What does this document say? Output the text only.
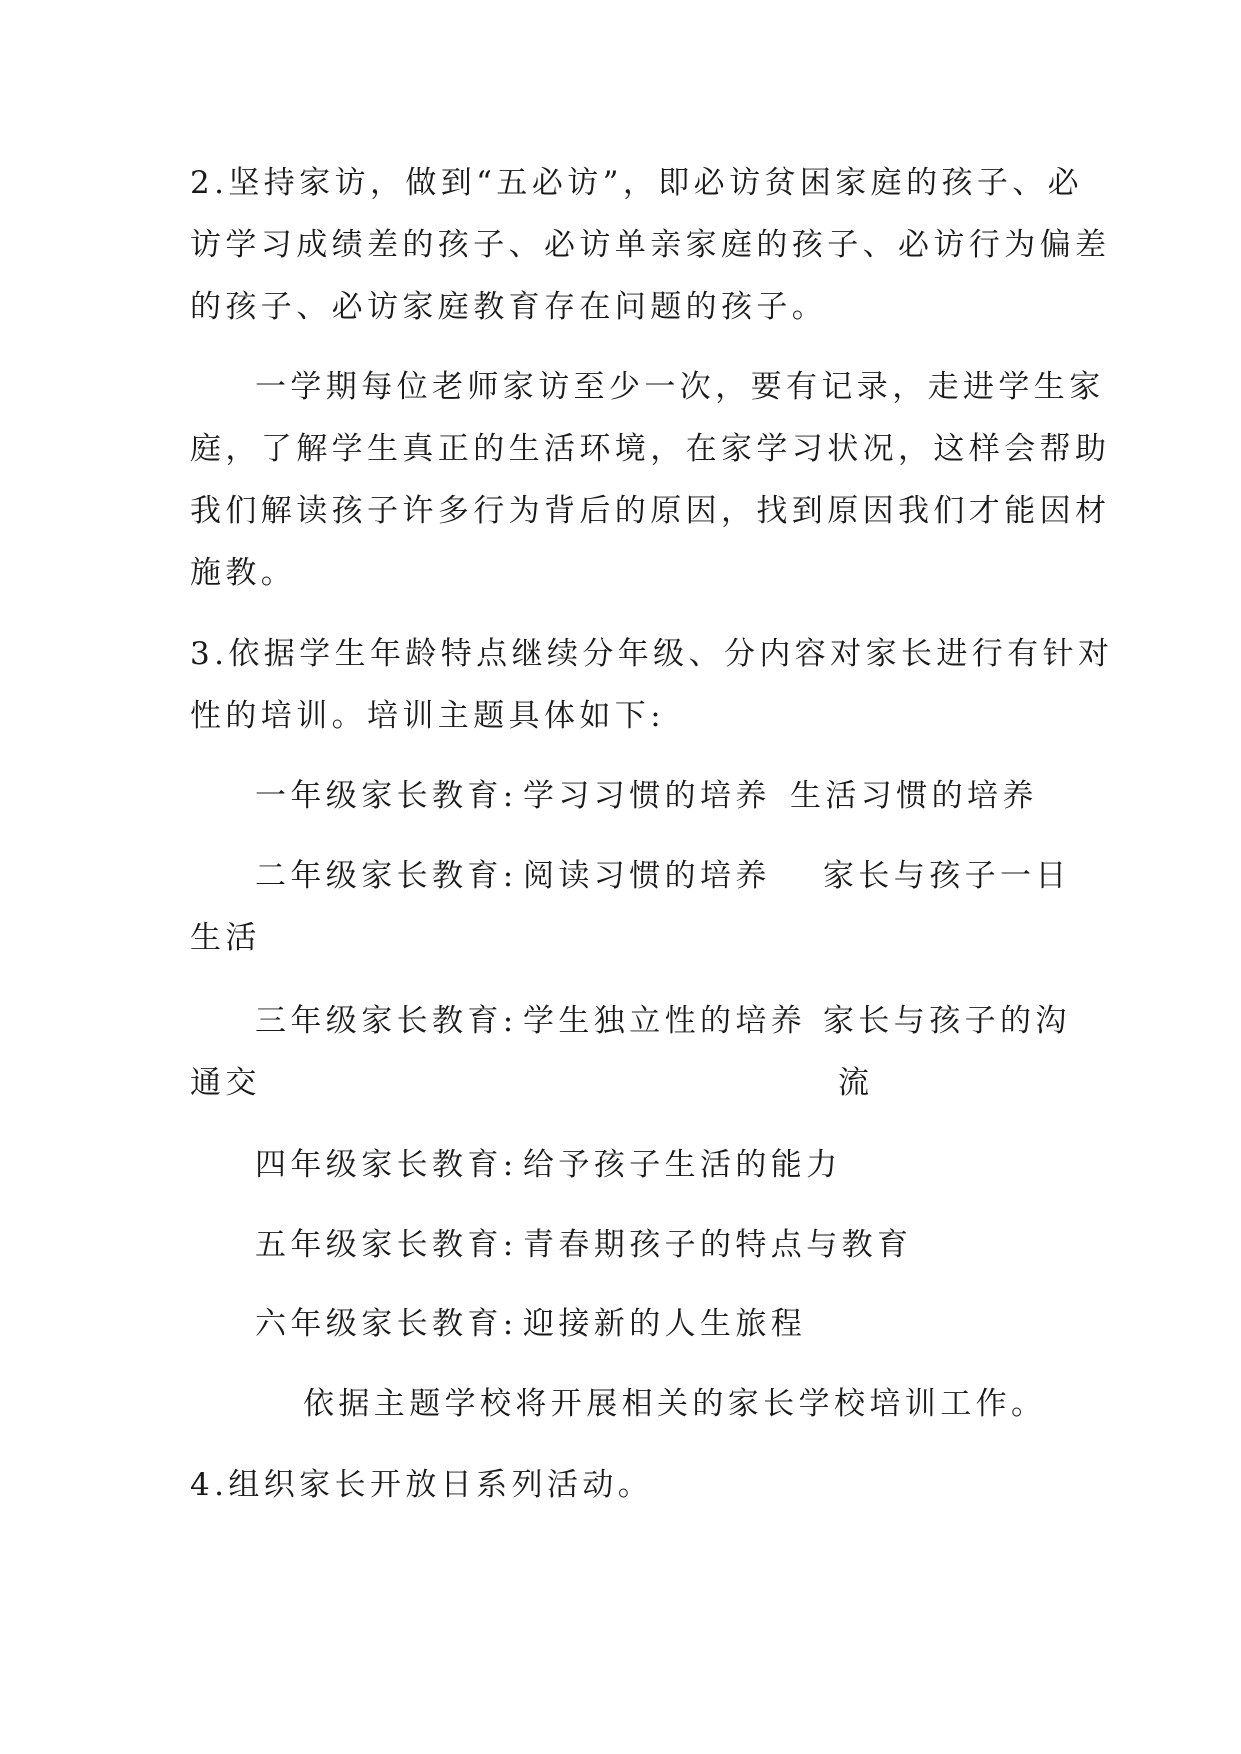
2.坚持家访，做到“五必访”，即必访贫困家庭的孩子、必
访学习成绩差的孩子、必访单亲家庭的孩子、必访行为偏差
的孩子、必访家庭教育存在问题的孩子。
一学期每位老师家访至少一次，要有记录，走进学生家
庭，了解学生真正的生活环境，在家学习状况，这样会帮助
我们解读孩子许多行为背后的原因，找到原因我们才能因材
施教。
3.依据学生年龄特点继续分年级、分内容对家长进行有针对
性的培训。培训主题具体如下:
一年级家长教育: 学习习惯的培养 生活习惯的培养
二年级家长教育: 阅读习惯的培养 家长与孩子一日
生活
三年级家长教育: 学生独立性的培养 家长与孩子的沟
通交	流
四年级家长教育: 给予孩子生活的能力
五年级家长教育: 青春期孩子的特点与教育
六年级家长教育: 迎接新的人生旅程
依据主题学校将开展相关的家长学校培训工作。
4.组织家长开放日系列活动。
